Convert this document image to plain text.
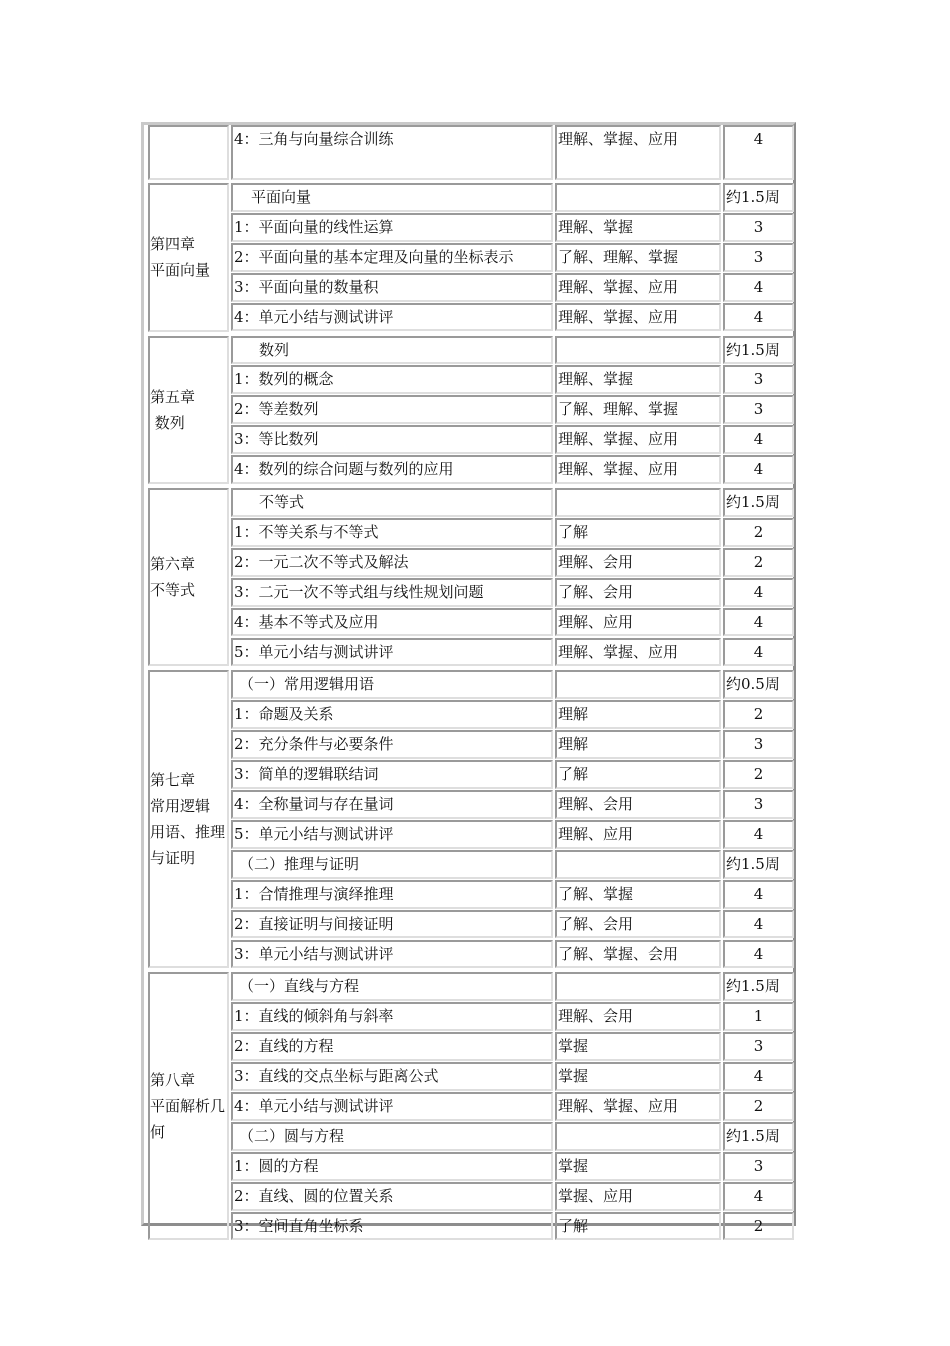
4：三角与向量综合训练	理解、掌握、应用	4
第四章
平面向量
平面向量	约1.5周
1：平面向量的线性运算	理解、掌握	3
2：平面向量的基本定理及向量的坐标表示	了解、理解、掌握	3
3：平面向量的数量积	理解、掌握、应用	4
4：单元小结与测试讲评	理解、掌握、应用	4
第五章
数列
数列	约1.5周
1：数列的概念	理解、掌握	3
2：等差数列	了解、理解、掌握	3
3：等比数列	理解、掌握、应用	4
4：数列的综合问题与数列的应用	理解、掌握、应用	4
第六章
不等式
不等式	约1.5周
1：不等关系与不等式	了解	2
2：一元二次不等式及解法	理解、会用	2
3：二元一次不等式组与线性规划问题	了解、会用	4
4：基本不等式及应用	理解、应用	4
5：单元小结与测试讲评	理解、掌握、应用	4
第七章
常用逻辑
用语、推理
与证明
（一）常用逻辑用语	约0.5周
1：命题及关系	理解	2
2：充分条件与必要条件	理解	3
3：简单的逻辑联结词	了解	2
4：全称量词与存在量词	理解、会用	3
5：单元小结与测试讲评	理解、应用	4
（二）推理与证明	约1.5周
1：合情推理与演绎推理	了解、掌握	4
2：直接证明与间接证明	了解、会用	4
3：单元小结与测试讲评	了解、掌握、会用	4
第八章
平面解析几
何
（一）直线与方程	约1.5周
1：直线的倾斜角与斜率	理解、会用	1
2：直线的方程	掌握	3
3：直线的交点坐标与距离公式	掌握	4
4：单元小结与测试讲评	理解、掌握、应用	2
（二）圆与方程	约1.5周
1：圆的方程	掌握	3
2：直线、圆的位置关系	掌握、应用	4
3：空间直角坐标系	了解	2
